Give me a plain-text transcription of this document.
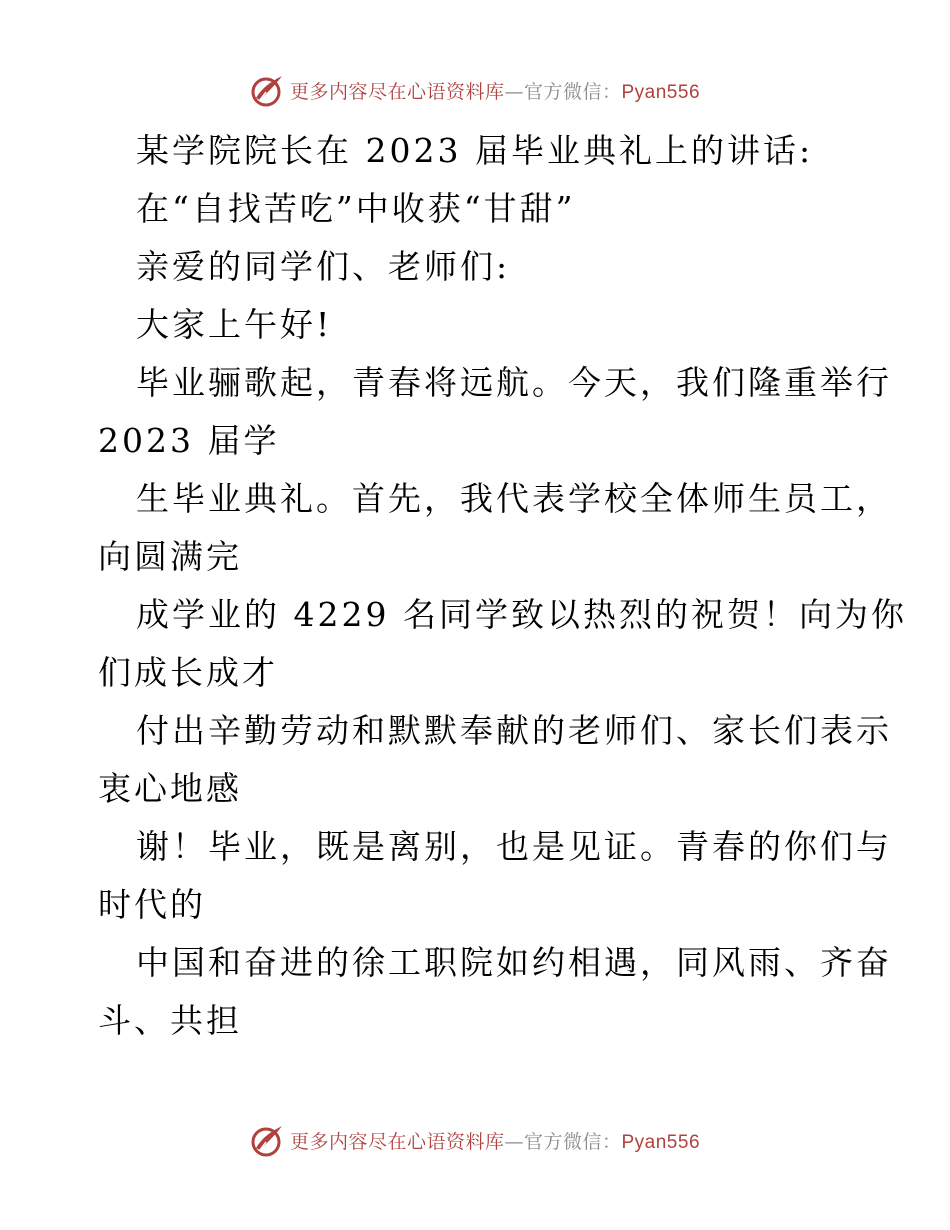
更多内容尽在心语资料库—官方微信：Pyan556
某学院院长在 2023 届毕业典礼上的讲话:
在“自找苦吃”中收获“甘甜”
亲爱的同学们、老师们:
大家上午好!
毕业骊歌起，青春将远航。今天，我们隆重举行
2023 届学
生毕业典礼。首先，我代表学校全体师生员工，
向圆满完
成学业的 4229 名同学致以热烈的祝贺！向为你
们成长成才
付出辛勤劳动和默默奉献的老师们、家长们表示
衷心地感
谢！毕业，既是离别，也是见证。青春的你们与
时代的
中国和奋进的徐工职院如约相遇，同风雨、齐奋
斗、共担
更多内容尽在心语资料库—官方微信：Pyan556
